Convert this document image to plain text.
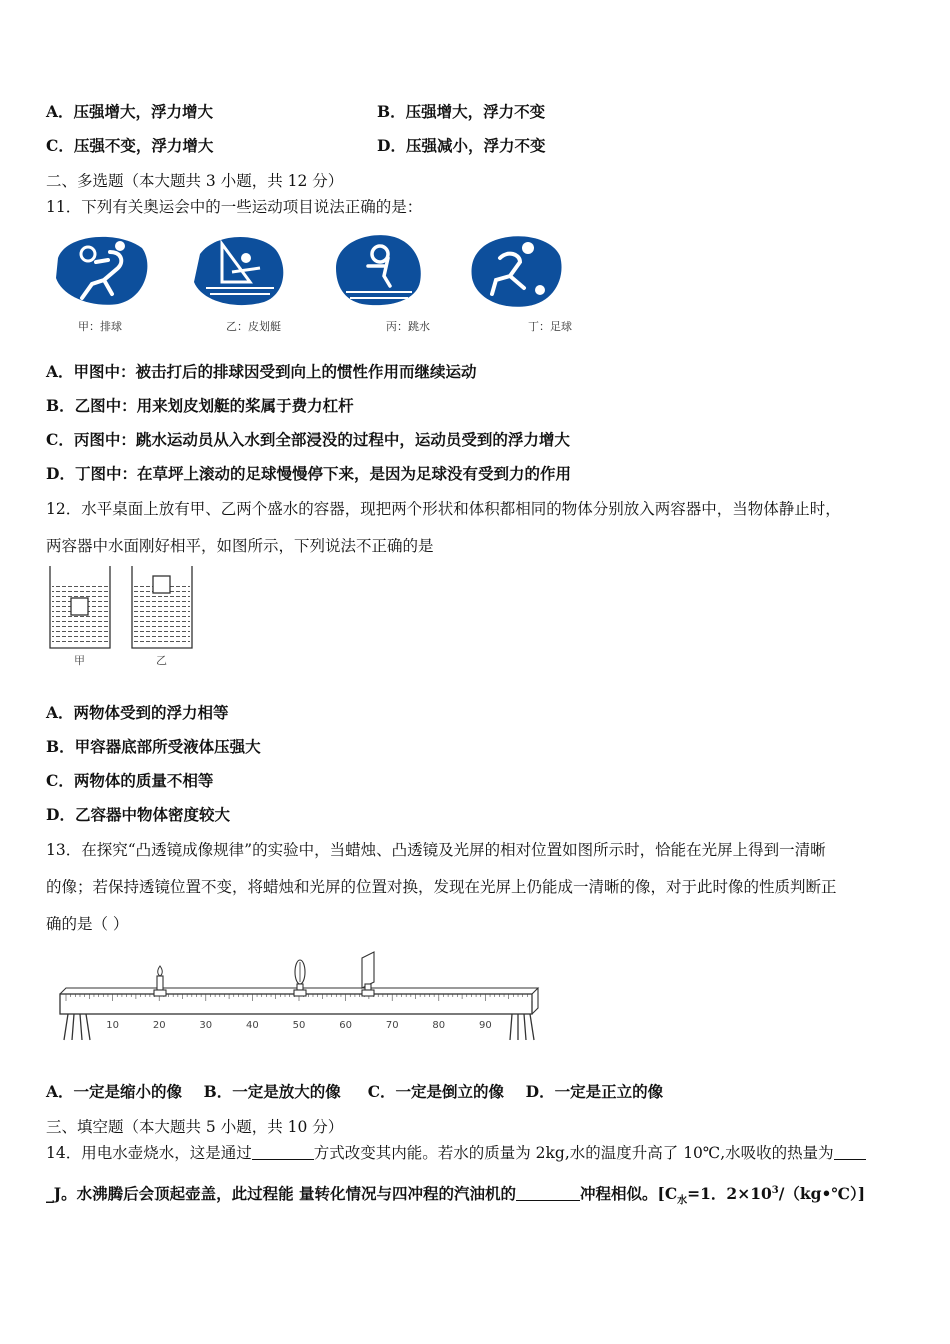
A．压强增大，浮力增大	B．压强增大，浮力不变
C．压强不变，浮力增大	D．压强减小，浮力不变
二、多选题（本大题共 3 小题，共 12 分）
11．下列有关奥运会中的一些运动项目说法正确的是：
甲：排球	乙：皮划艇	丙：跳水	丁：足球
A．甲图中：被击打后的排球因受到向上的惯性作用而继续运动
B．乙图中：用来划皮划艇的桨属于费力杠杆
C．丙图中：跳水运动员从入水到全部浸没的过程中，运动员受到的浮力增大
D．丁图中：在草坪上滚动的足球慢慢停下来，是因为足球没有受到力的作用
12．水平桌面上放有甲、乙两个盛水的容器，现把两个形状和体积都相同的物体分别放入两容器中，当物体静止时，
两容器中水面刚好相平，如图所示，下列说法不正确的是
甲	乙
A．两物体受到的浮力相等
B．甲容器底部所受液体压强大
C．两物体的质量不相等
D．乙容器中物体密度较大
13．在探究“凸透镜成像规律”的实验中，当蜡烛、凸透镜及光屏的相对位置如图所示时，恰能在光屏上得到一清晰
的像；若保持透镜位置不变，将蜡烛和光屏的位置对换，发现在光屏上仍能成一清晰的像，对于此时像的性质判断正
确的是（ ）
10	20	30	40	50	60	70	80	90
A．一定是缩小的像 B．一定是放大的像 C．一定是倒立的像 D．一定是正立的像
三、填空题（本大题共 5 小题，共 10 分）
14．用电水壶烧水，这是通过	方式改变其内能。若水的质量为 2kg,水的温度升高了 10℃,水吸收的热量为
_J。水沸腾后会顶起壶盖，此过程能 量转化情况与四冲程的汽油机的	冲程相似。[$C_水=1$．$2\times 10^3/(kg•℃)$]
